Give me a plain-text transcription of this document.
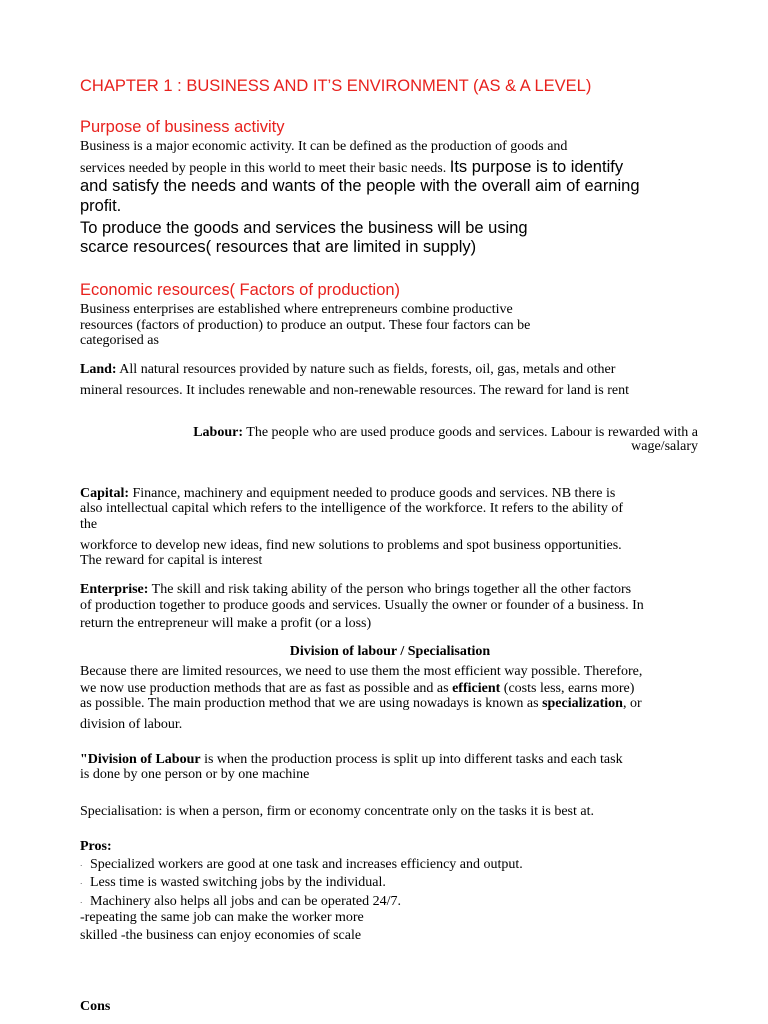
CHAPTER 1 : BUSINESS AND IT’S ENVIRONMENT (AS & A LEVEL)
Purpose of business activity
Business is a major economic activity. It can be defined as the production of goods and
services needed by people in this world to meet their basic needs. Its purpose is to identify
and satisfy the needs and wants of the people with the overall aim of earning
profit.
To produce the goods and services the business will be using
scarce resources( resources that are limited in supply)
Economic resources( Factors of production)
Business enterprises are established where entrepreneurs combine productive
resources (factors of production) to produce an output. These four factors can be
categorised as
Land: All natural resources provided by nature such as fields, forests, oil, gas, metals and other
mineral resources. It includes renewable and non-renewable resources. The reward for land is rent
Labour: The people who are used produce goods and services. Labour is rewarded with a
wage/salary
Capital: Finance, machinery and equipment needed to produce goods and services. NB there is
also intellectual capital which refers to the intelligence of the workforce. It refers to the ability of
the
workforce to develop new ideas, find new solutions to problems and spot business opportunities.
The reward for capital is interest
Enterprise: The skill and risk taking ability of the person who brings together all the other factors
of production together to produce goods and services. Usually the owner or founder of a business. In
return the entrepreneur will make a profit (or a loss)
Division of labour / Specialisation
Because there are limited resources, we need to use them the most efficient way possible. Therefore,
we now use production methods that are as fast as possible and as efficient (costs less, earns more)
as possible. The main production method that we are using nowadays is known as specialization, or
division of labour.
"Division of Labour is when the production process is split up into different tasks and each task
is done by one person or by one machine
Specialisation: is when a person, firm or economy concentrate only on the tasks it is best at.
Pros:
· Specialized workers are good at one task and increases efficiency and output.
· Less time is wasted switching jobs by the individual.
· Machinery also helps all jobs and can be operated 24/7.
-repeating the same job can make the worker more
skilled -the business can enjoy economies of scale
Cons
